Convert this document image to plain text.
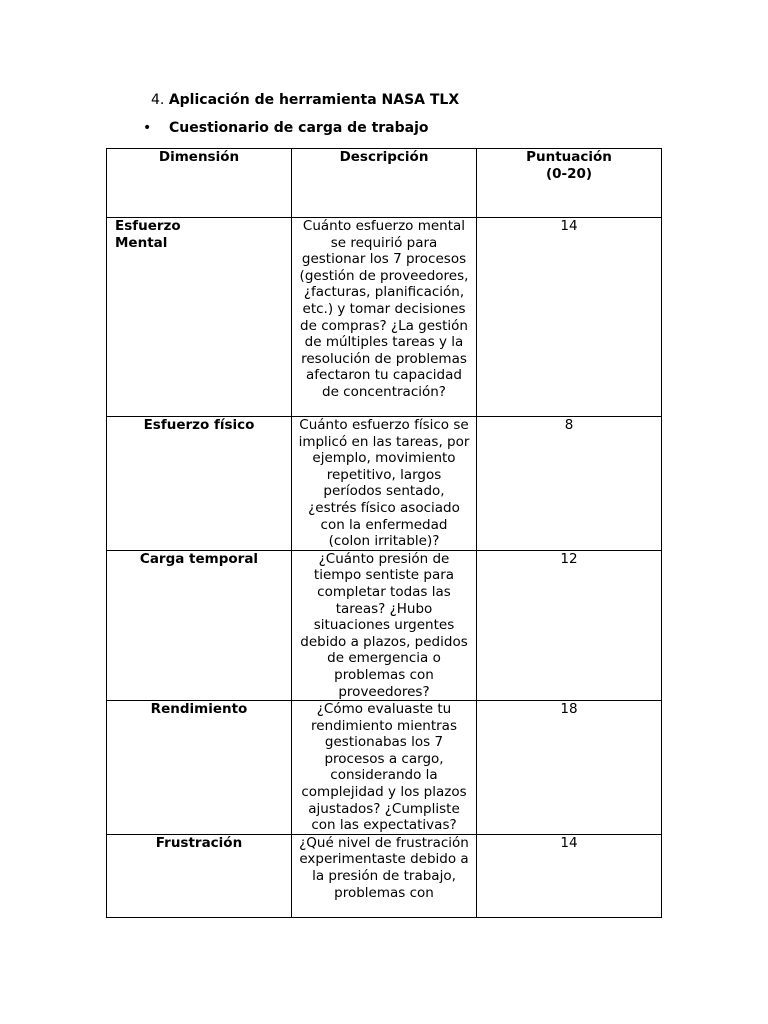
4. Aplicación de herramienta NASA TLX
• Cuestionario de carga de trabajo
Dimensión	Descripción	Puntuación
(0-20)
Esfuerzo
Mental	Cuánto esfuerzo mental se requirió para gestionar los 7 procesos (gestión de proveedores, ¿facturas, planificación, etc.) y tomar decisiones de compras? ¿La gestión de múltiples tareas y la resolución de problemas afectaron tu capacidad de concentración?	14
Esfuerzo físico	Cuánto esfuerzo físico se implicó en las tareas, por ejemplo, movimiento repetitivo, largos períodos sentado, ¿estrés físico asociado con la enfermedad (colon irritable)?	8
Carga temporal	¿Cuánto presión de tiempo sentiste para completar todas las tareas? ¿Hubo situaciones urgentes debido a plazos, pedidos de emergencia o problemas con proveedores?	12
Rendimiento	¿Cómo evaluaste tu rendimiento mientras gestionabas los 7 procesos a cargo, considerando la complejidad y los plazos ajustados? ¿Cumpliste con las expectativas?	18
Frustración	¿Qué nivel de frustración experimentaste debido a la presión de trabajo, problemas con	14
